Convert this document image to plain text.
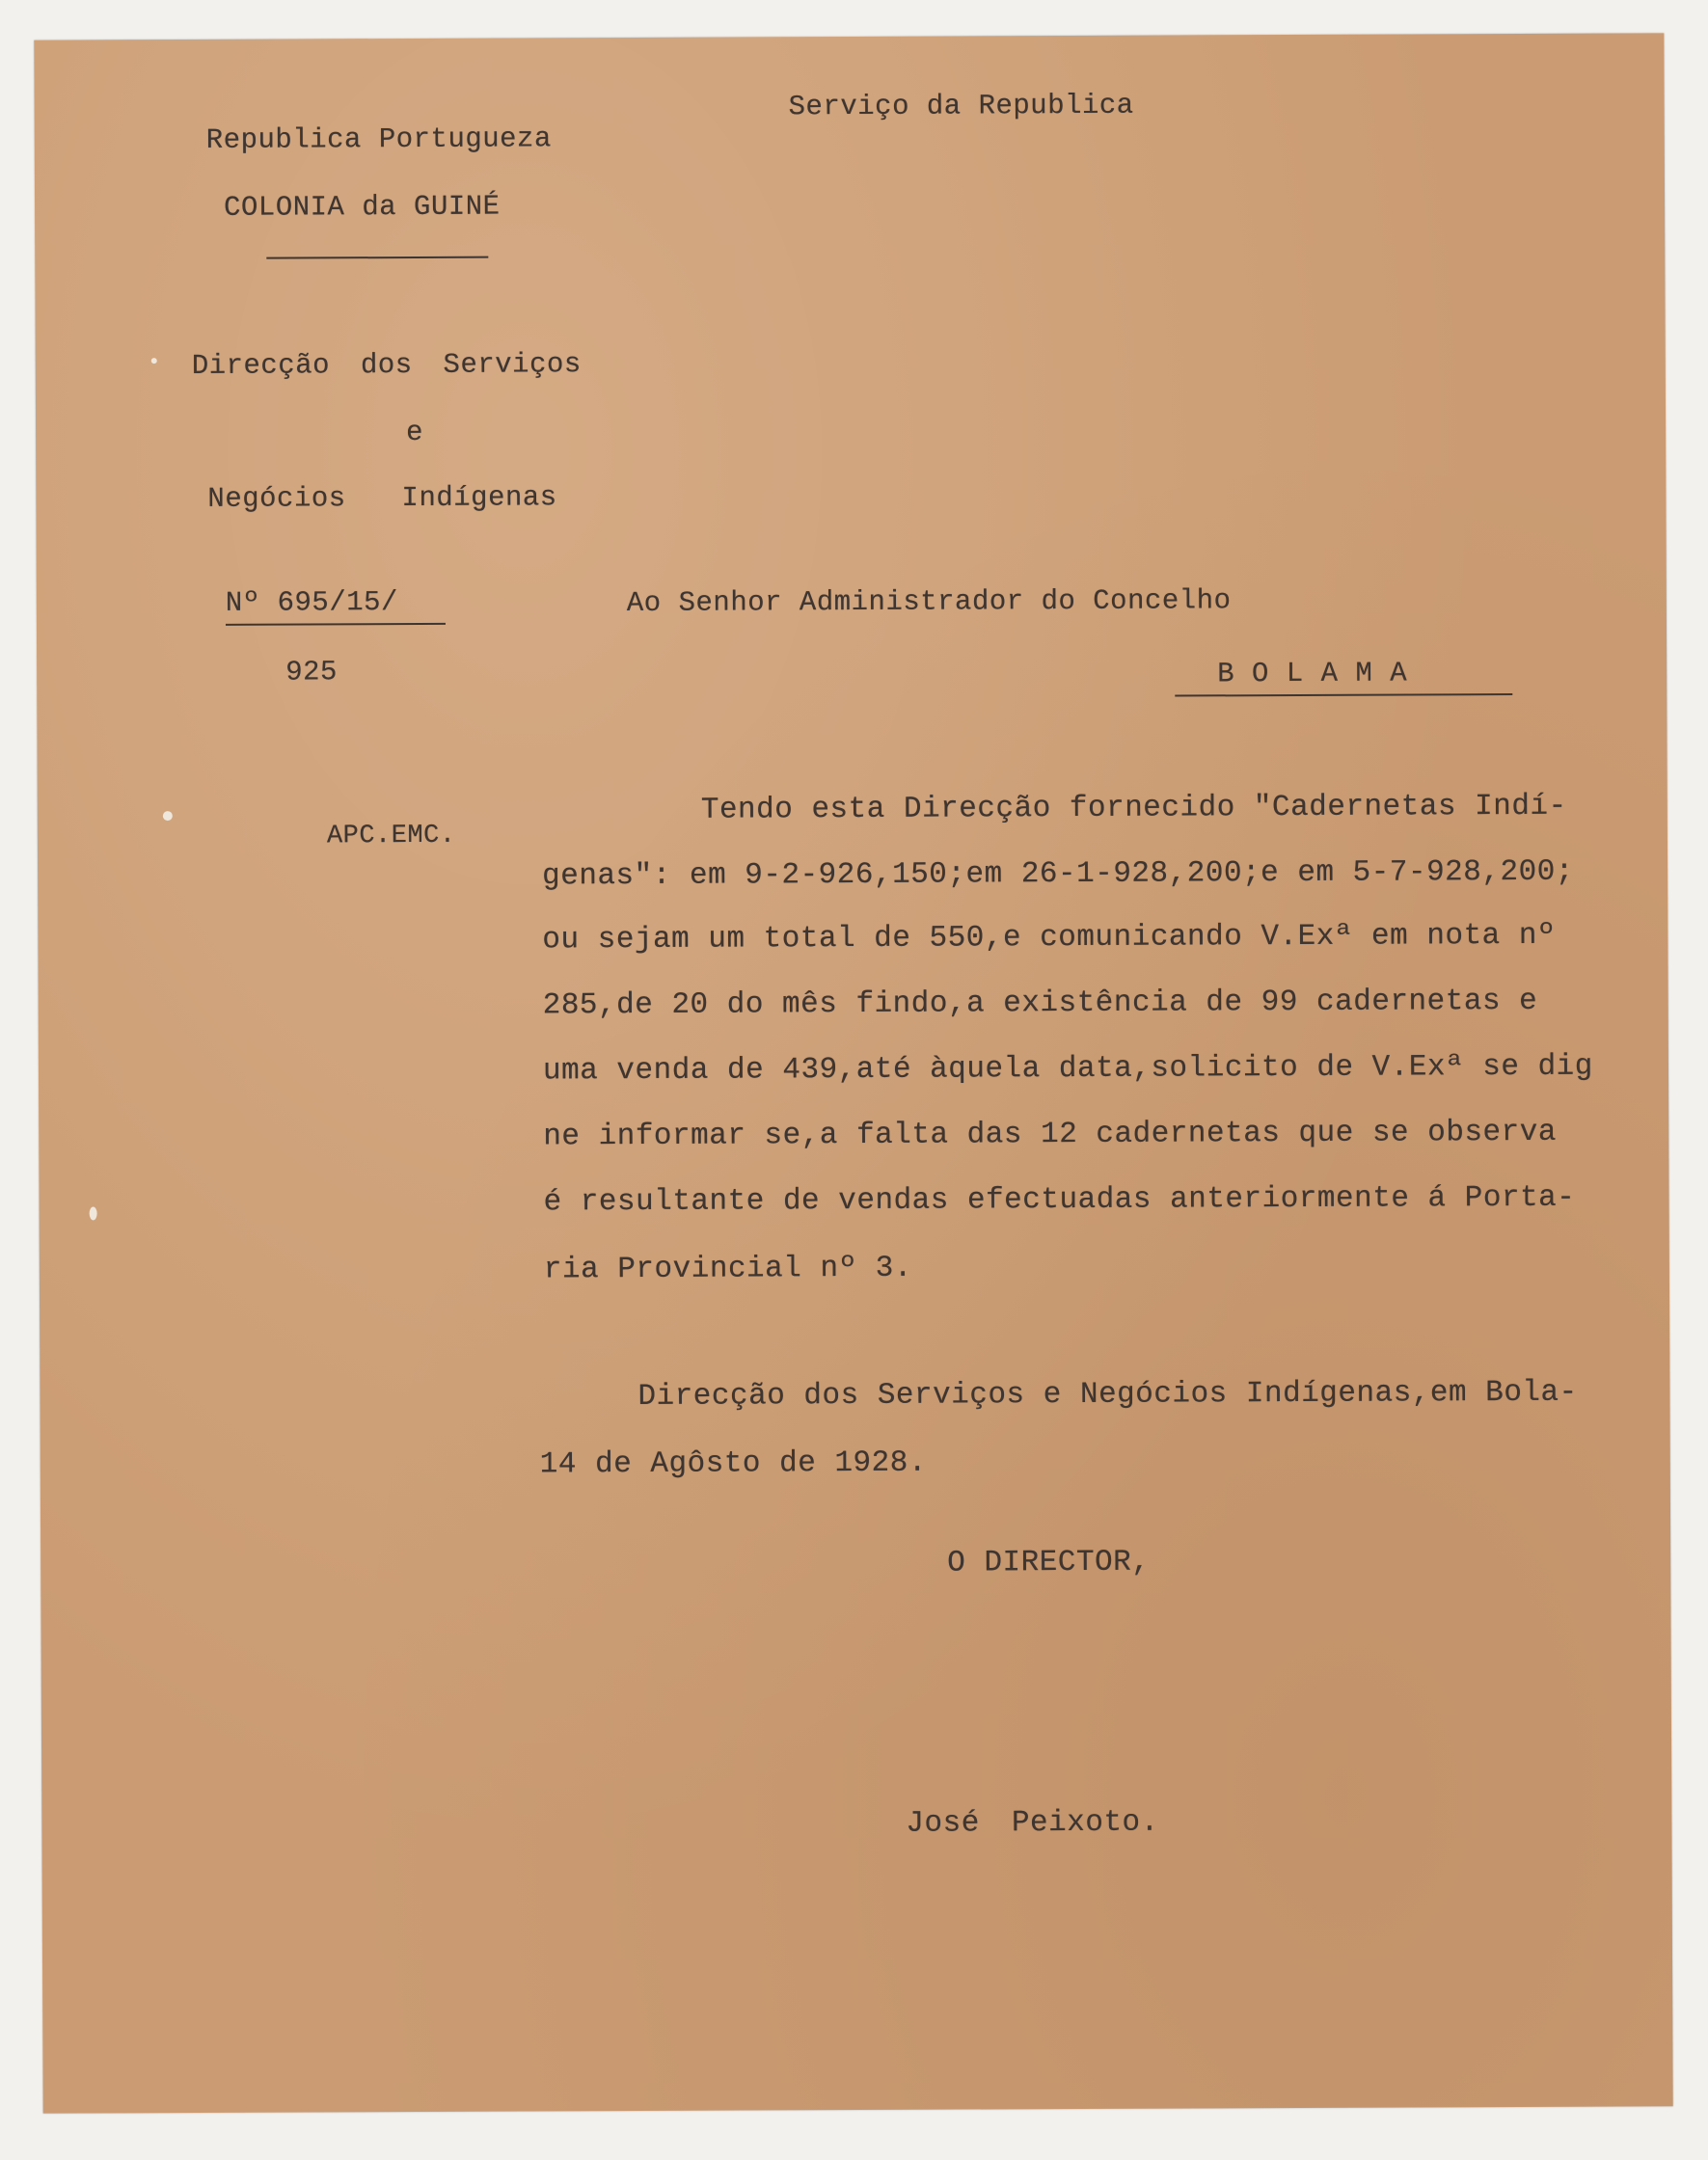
Serviço da Republica
Republica Portugueza
COLONIA da GUINÉ
Direcção dos Serviços
e
Negócios Indígenas
Nº 695/15/
925
APC.EMC.
Ao Senhor Administrador do Concelho
B O L A M A
Tendo esta Direcção fornecido "Cadernetas Indí-
genas": em 9-2-926,150;em 26-1-928,200;e em 5-7-928,200;
ou sejam um total de 550,e comunicando V.Exª em nota nº
285,de 20 do mês findo,a existência de 99 cadernetas e
uma venda de 439,até àquela data,solicito de V.Exª se dig
ne informar se,a falta das 12 cadernetas que se observa
é resultante de vendas efectuadas anteriormente á Porta-
ria Provincial nº 3.
Direcção dos Serviços e Negócios Indígenas,em Bola-
14 de Agôsto de 1928.
O DIRECTOR,
José Peixoto.
